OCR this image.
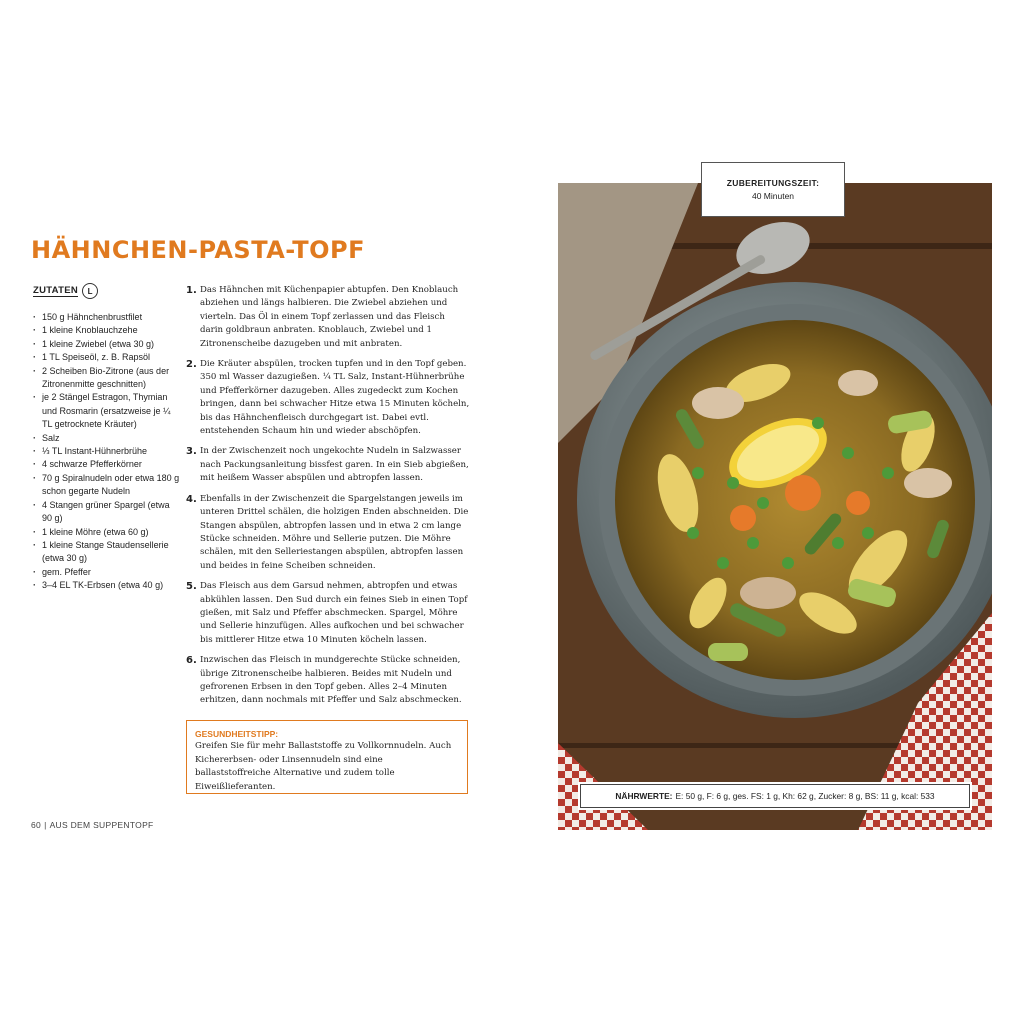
HÄHNCHEN-PASTA-TOPF
ZUTATEN	L
· 150 g Hähnchenbrustfilet
· 1 kleine Knoblauchzehe
· 1 kleine Zwiebel (etwa 30 g)
· 1 TL Speiseöl, z. B. Rapsöl
· 2 Scheiben Bio-Zitrone (aus der Zitronenmitte geschnitten)
· je 2 Stängel Estragon, Thymian und Rosmarin (ersatzweise je ¼ TL getrocknete Kräuter)
· Salz
· ⅓ TL Instant-Hühnerbrühe
· 4 schwarze Pfefferkörner
· 70 g Spiralnudeln oder etwa 180 g schon gegarte Nudeln
· 4 Stangen grüner Spargel (etwa 90 g)
· 1 kleine Möhre (etwa 60 g)
· 1 kleine Stange Staudensellerie (etwa 30 g)
· gem. Pfeffer
· 3–4 EL TK-Erbsen (etwa 40 g)
1. Das Hähnchen mit Küchenpapier abtupfen. Den Knoblauch abziehen und längs halbieren. Die Zwiebel abziehen und vierteln. Das Öl in einem Topf zerlassen und das Fleisch darin goldbraun anbraten. Knoblauch, Zwiebel und 1 Zitronenscheibe dazugeben und mit anbraten.
2. Die Kräuter abspülen, trocken tupfen und in den Topf geben. 350 ml Wasser dazugießen. ¼ TL Salz, Instant-Hühnerbrühe und Pfefferkörner dazugeben. Alles zugedeckt zum Kochen bringen, dann bei schwacher Hitze etwa 15 Minuten köcheln, bis das Hähnchenfleisch durchgegart ist. Dabei evtl. entstehenden Schaum hin und wieder abschöpfen.
3. In der Zwischenzeit noch ungekochte Nudeln in Salzwasser nach Packungsanleitung bissfest garen. In ein Sieb abgießen, mit heißem Wasser abspülen und abtropfen lassen.
4. Ebenfalls in der Zwischenzeit die Spargelstangen jeweils im unteren Drittel schälen, die holzigen Enden abschneiden. Die Stangen abspülen, abtropfen lassen und in etwa 2 cm lange Stücke schneiden. Möhre und Sellerie putzen. Die Möhre schälen, mit den Selleriestangen abspülen, abtropfen lassen und beides in feine Scheiben schneiden.
5. Das Fleisch aus dem Garsud nehmen, abtropfen und etwas abkühlen lassen. Den Sud durch ein feines Sieb in einen Topf gießen, mit Salz und Pfeffer abschmecken. Spargel, Möhre und Sellerie hinzufügen. Alles aufkochen und bei schwacher bis mittlerer Hitze etwa 10 Minuten köcheln lassen.
6. Inzwischen das Fleisch in mundgerechte Stücke schneiden, übrige Zitronenscheibe halbieren. Beides mit Nudeln und gefrorenen Erbsen in den Topf geben. Alles 2–4 Minuten erhitzen, dann nochmals mit Pfeffer und Salz abschmecken.
GESUNDHEITSTIPP:
Greifen Sie für mehr Ballaststoffe zu Vollkornnudeln. Auch Kichererbsen- oder Linsennudeln sind eine ballaststoffreiche Alternative und zudem tolle Eiweißlieferanten.
60 | AUS DEM SUPPENTOPF
ZUBEREITUNGSZEIT:
40 Minuten
NÄHRWERTE: E: 50 g, F: 6 g, ges. FS: 1 g, Kh: 62 g, Zucker: 8 g, BS: 11 g, kcal: 533
